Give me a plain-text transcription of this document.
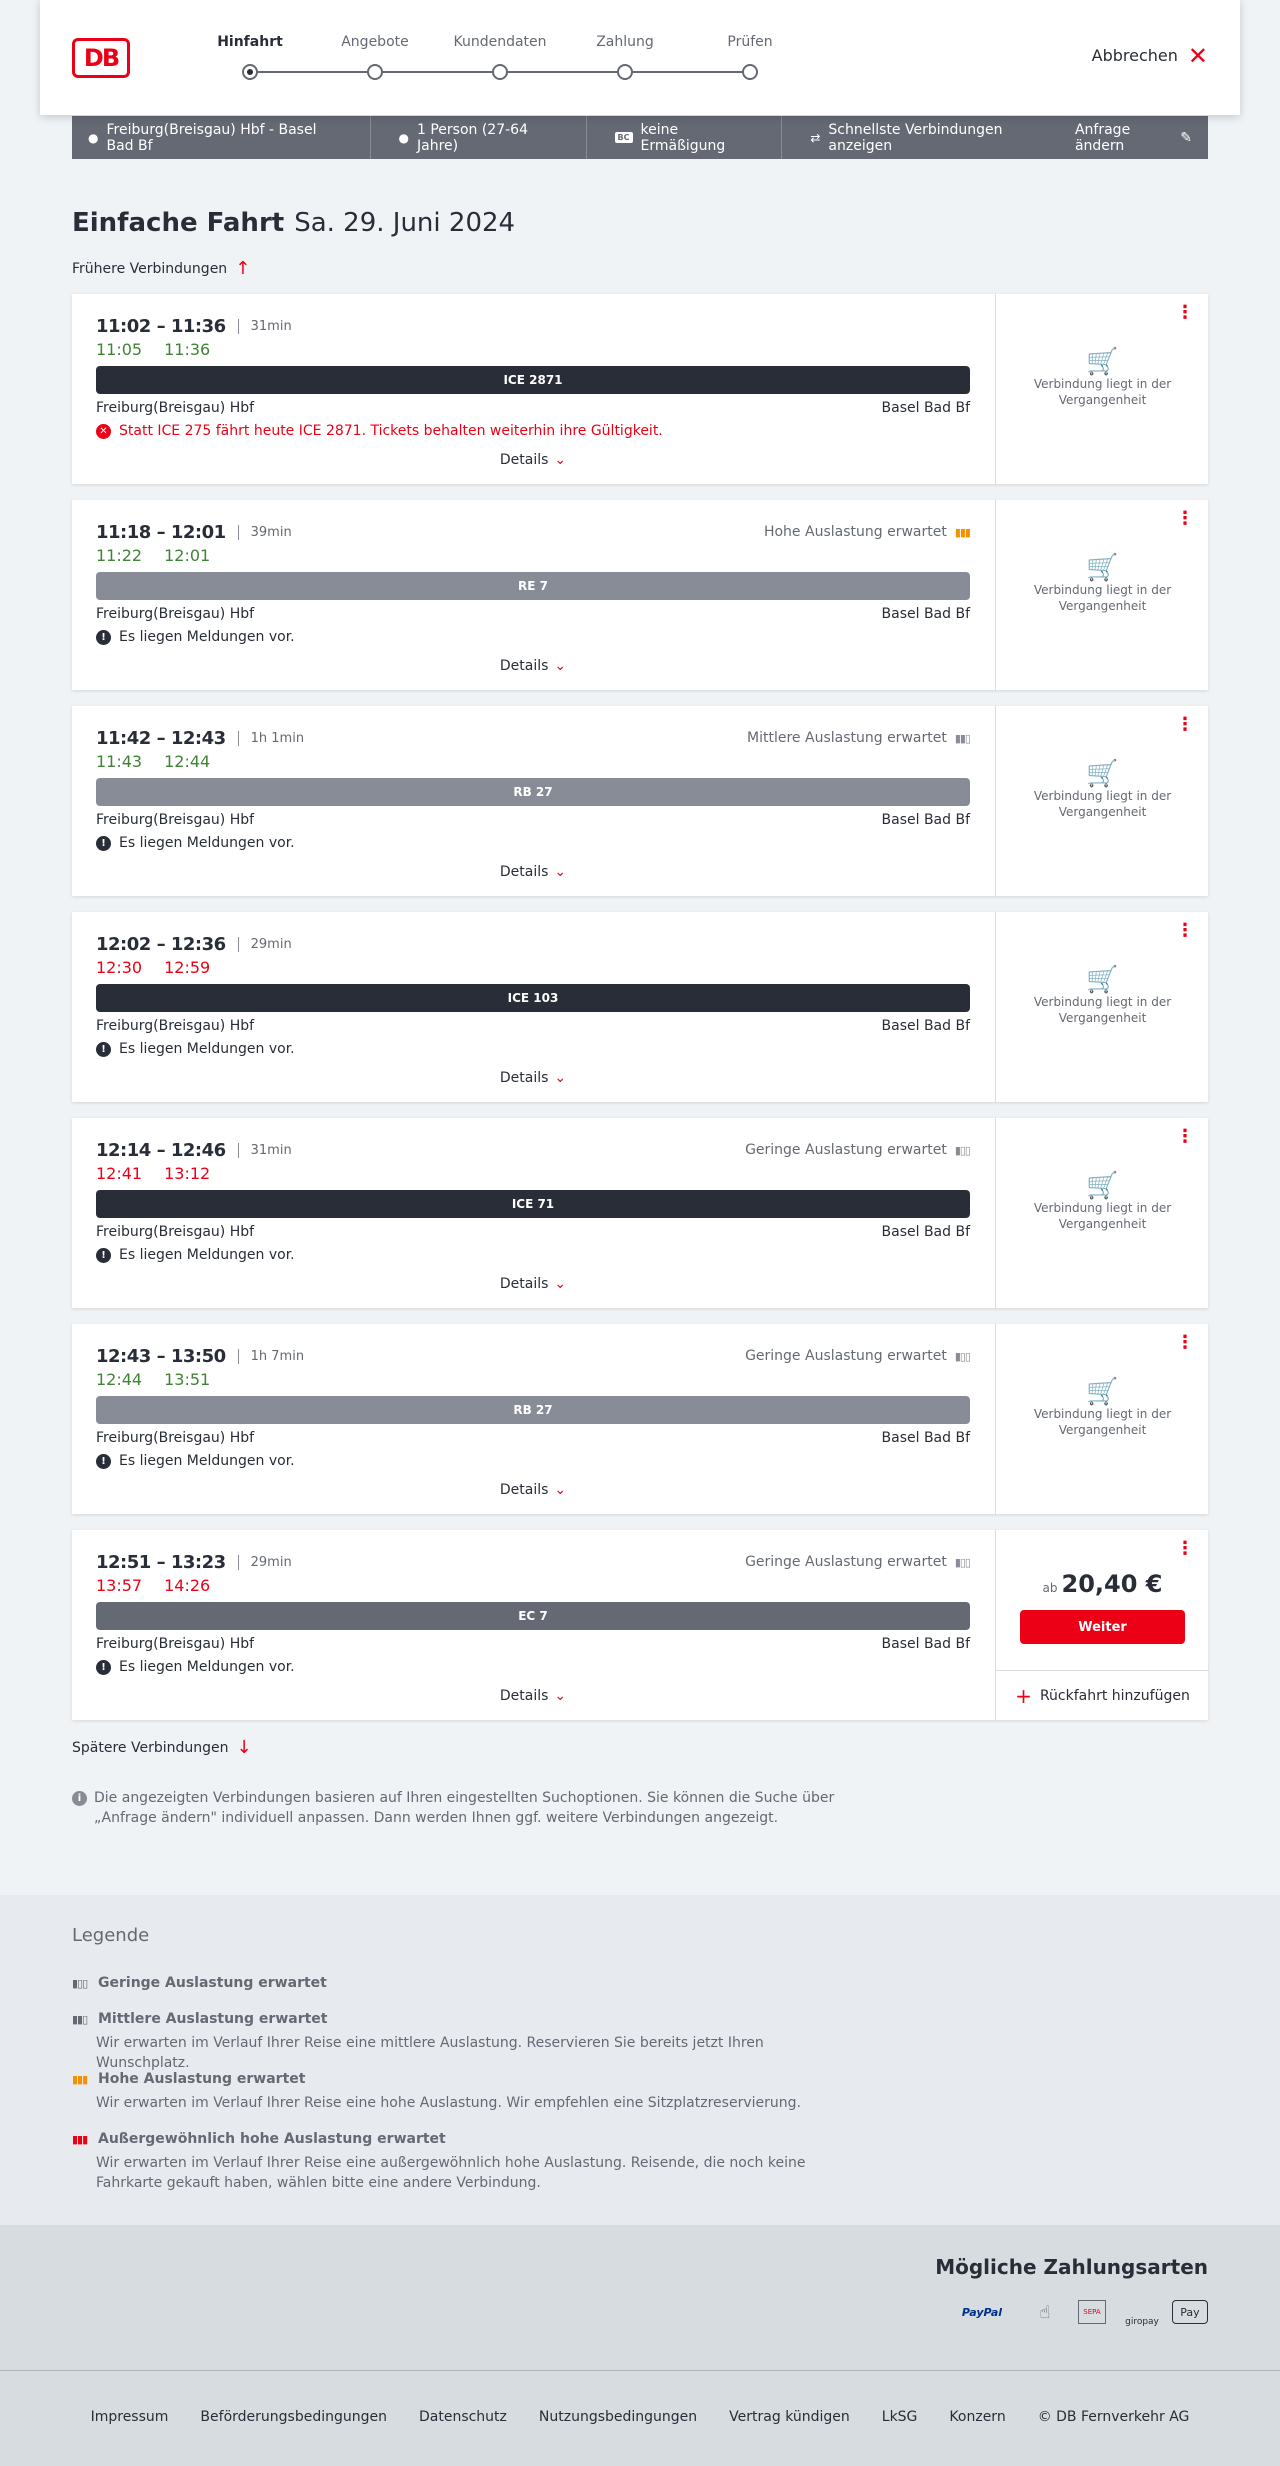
DB
Hinfahrt	Angebote	Kundendaten	Zahlung	Prüfen
Abbrechen ✕
● Freiburg(Breisgau) Hbf - Basel Bad Bf	● 1 Person (27-64 Jahre)	BC keine Ermäßigung	⇄ Schnellste Verbindungen anzeigen
Anfrage ändern	✎
Einfache Fahrt Sa. 29. Juni 2024
Frühere Verbindungen ↑
11:02 – 11:36	31min
11:05 11:36
ICE 2871
Freiburg(Breisgau) Hbf	Basel Bad Bf
✕ Statt ICE 275 fährt heute ICE 2871. Tickets behalten weiterhin ihre Gültigkeit.
Details ⌄
⋮
🛒
Verbindung liegt in der Vergangenheit
11:18 – 12:01	39min
11:22 12:01
Hohe Auslastung erwartet ▮▮▮
RE 7
Freiburg(Breisgau) Hbf	Basel Bad Bf
! Es liegen Meldungen vor.
Details ⌄
⋮
🛒
Verbindung liegt in der Vergangenheit
11:42 – 12:43	1h 1min
11:43 12:44
Mittlere Auslastung erwartet ▮▮▯
RB 27
Freiburg(Breisgau) Hbf	Basel Bad Bf
! Es liegen Meldungen vor.
Details ⌄
⋮
🛒
Verbindung liegt in der Vergangenheit
12:02 – 12:36	29min
12:30 12:59
ICE 103
Freiburg(Breisgau) Hbf	Basel Bad Bf
! Es liegen Meldungen vor.
Details ⌄
⋮
🛒
Verbindung liegt in der Vergangenheit
12:14 – 12:46	31min
12:41 13:12
Geringe Auslastung erwartet ▮▯▯
ICE 71
Freiburg(Breisgau) Hbf	Basel Bad Bf
! Es liegen Meldungen vor.
Details ⌄
⋮
🛒
Verbindung liegt in der Vergangenheit
12:43 – 13:50	1h 7min
12:44 13:51
Geringe Auslastung erwartet ▮▯▯
RB 27
Freiburg(Breisgau) Hbf	Basel Bad Bf
! Es liegen Meldungen vor.
Details ⌄
⋮
🛒
Verbindung liegt in der Vergangenheit
12:51 – 13:23	29min
13:57 14:26
Geringe Auslastung erwartet ▮▯▯
EC 7
Freiburg(Breisgau) Hbf	Basel Bad Bf
! Es liegen Meldungen vor.
Details ⌄
⋮
ab 20,40 €
Weiter
+ Rückfahrt hinzufügen
Spätere Verbindungen ↓
i Die angezeigten Verbindungen basieren auf Ihren eingestellten Suchoptionen. Sie können die Suche über „Anfrage ändern" individuell anpassen. Dann werden Ihnen ggf. weitere Verbindungen angezeigt.
Legende
▮▯▯ Geringe Auslastung erwartet
▮▮▯ Mittlere Auslastung erwartet
Wir erwarten im Verlauf Ihrer Reise eine mittlere Auslastung. Reservieren Sie bereits jetzt Ihren Wunschplatz.
▮▮▮ Hohe Auslastung erwartet
Wir erwarten im Verlauf Ihrer Reise eine hohe Auslastung. Wir empfehlen eine Sitzplatzreservierung.
▮▮▮ Außergewöhnlich hohe Auslastung erwartet
Wir erwarten im Verlauf Ihrer Reise eine außergewöhnlich hohe Auslastung. Reisende, die noch keine Fahrkarte gekauft haben, wählen bitte eine andere Verbindung.
Mögliche Zahlungsarten
PayPal	☝	SEPA
giropay
Pay
Impressum Beförderungsbedingungen Datenschutz Nutzungsbedingungen Vertrag kündigen LkSG Konzern © DB Fernverkehr AG
